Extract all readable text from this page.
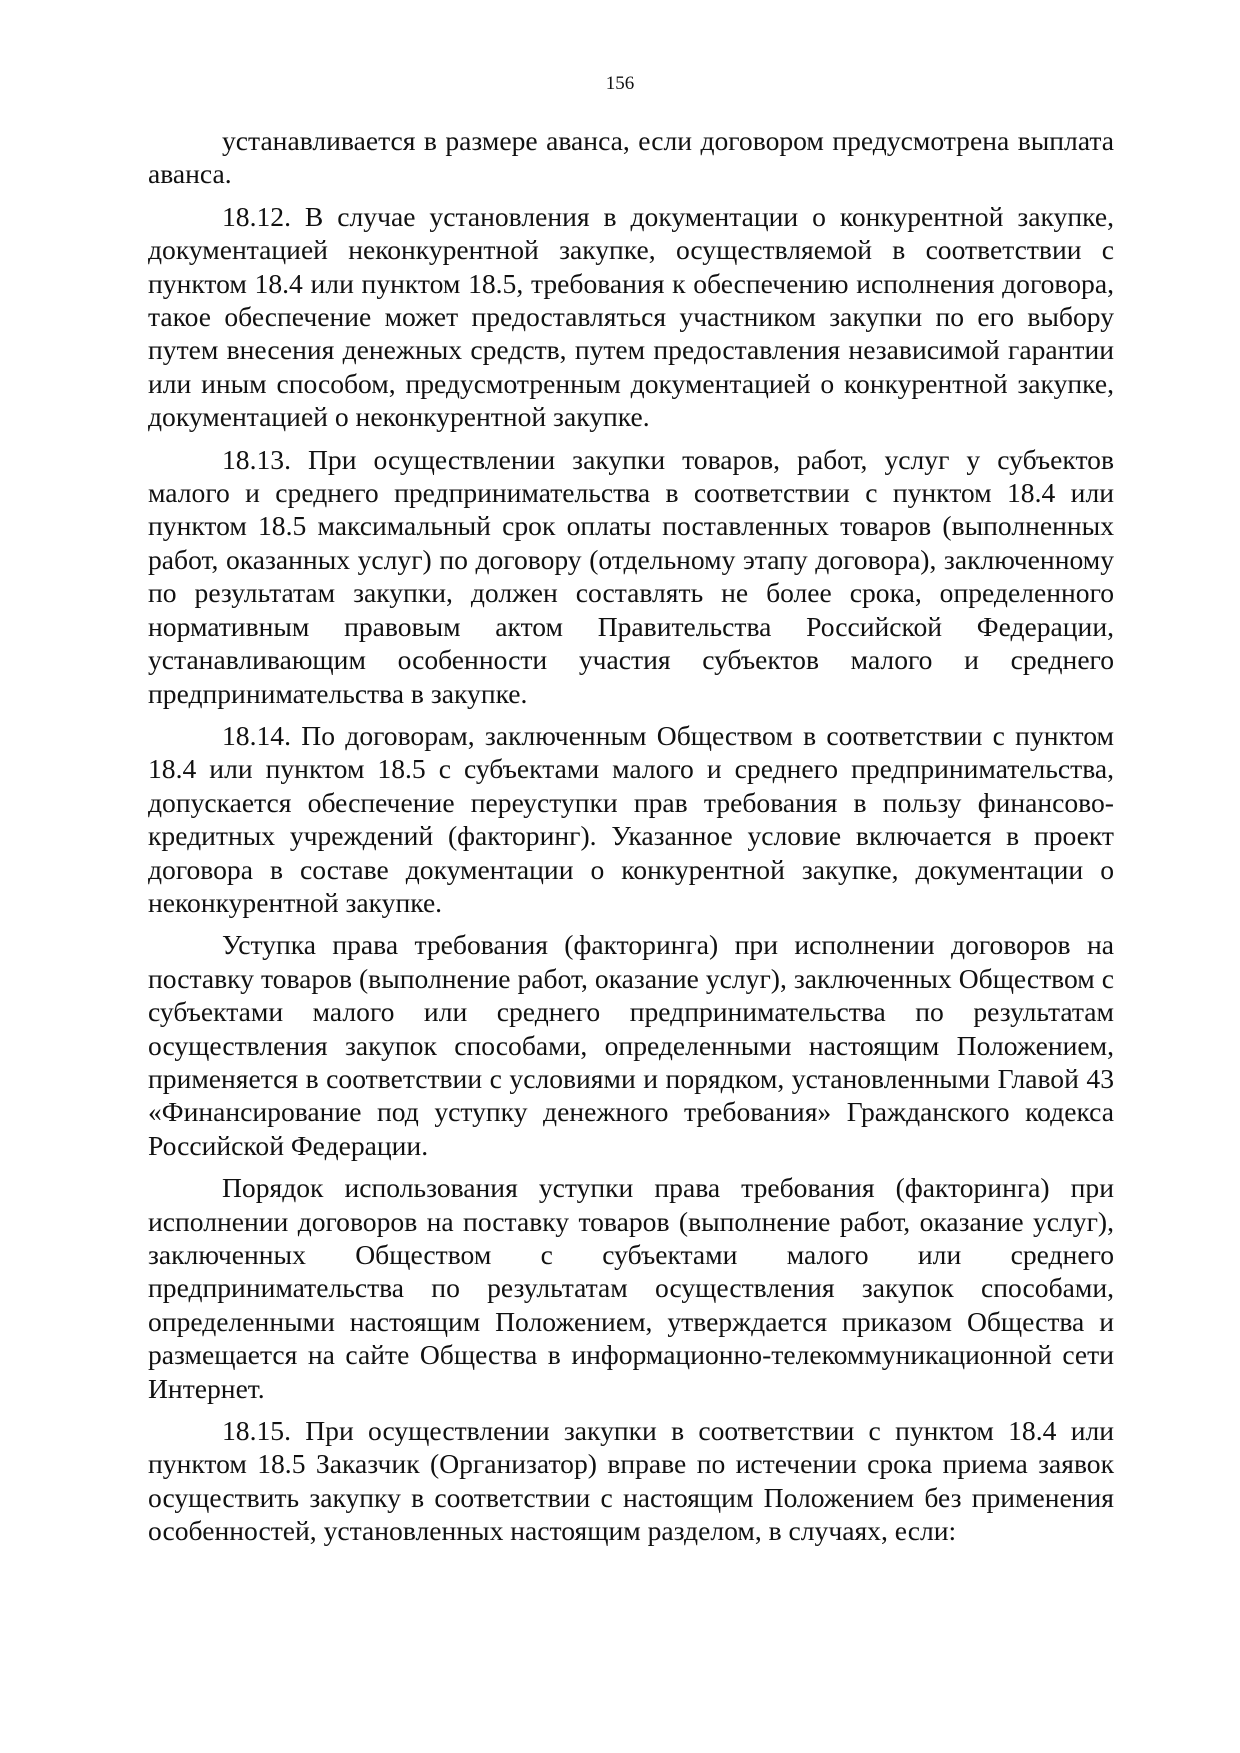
156

устанавливается в размере аванса, если договором предусмотрена выплата аванса.

18.12. В случае установления в документации о конкурентной закупке, документацией неконкурентной закупке, осуществляемой в соответствии с пунктом 18.4 или пунктом 18.5, требования к обеспечению исполнения договора, такое обеспечение может предоставляться участником закупки по его выбору путем внесения денежных средств, путем предоставления независимой гарантии или иным способом, предусмотренным документацией о конкурентной закупке, документацией о неконкурентной закупке.

18.13. При осуществлении закупки товаров, работ, услуг у субъектов малого и среднего предпринимательства в соответствии с пунктом 18.4 или пунктом 18.5 максимальный срок оплаты поставленных товаров (выполненных работ, оказанных услуг) по договору (отдельному этапу договора), заключенному по результатам закупки, должен составлять не более срока, определенного нормативным правовым актом Правительства Российской Федерации, устанавливающим особенности участия субъектов малого и среднего предпринимательства в закупке.

18.14. По договорам, заключенным Обществом в соответствии с пунктом 18.4 или пунктом 18.5 с субъектами малого и среднего предпринимательства, допускается обеспечение переуступки прав требования в пользу финансово-кредитных учреждений (факторинг). Указанное условие включается в проект договора в составе документации о конкурентной закупке, документации о неконкурентной закупке.

Уступка права требования (факторинга) при исполнении договоров на поставку товаров (выполнение работ, оказание услуг), заключенных Обществом с субъектами малого или среднего предпринимательства по результатам осуществления закупок способами, определенными настоящим Положением, применяется в соответствии с условиями и порядком, установленными Главой 43 «Финансирование под уступку денежного требования» Гражданского кодекса Российской Федерации.

Порядок использования уступки права требования (факторинга) при исполнении договоров на поставку товаров (выполнение работ, оказание услуг), заключенных Обществом с субъектами малого или среднего предпринимательства по результатам осуществления закупок способами, определенными настоящим Положением, утверждается приказом Общества и размещается на сайте Общества в информационно-телекоммуникационной сети Интернет.

18.15. При осуществлении закупки в соответствии с пунктом 18.4 или пунктом 18.5 Заказчик (Организатор) вправе по истечении срока приема заявок осуществить закупку в соответствии с настоящим Положением без применения особенностей, установленных настоящим разделом, в случаях, если:
